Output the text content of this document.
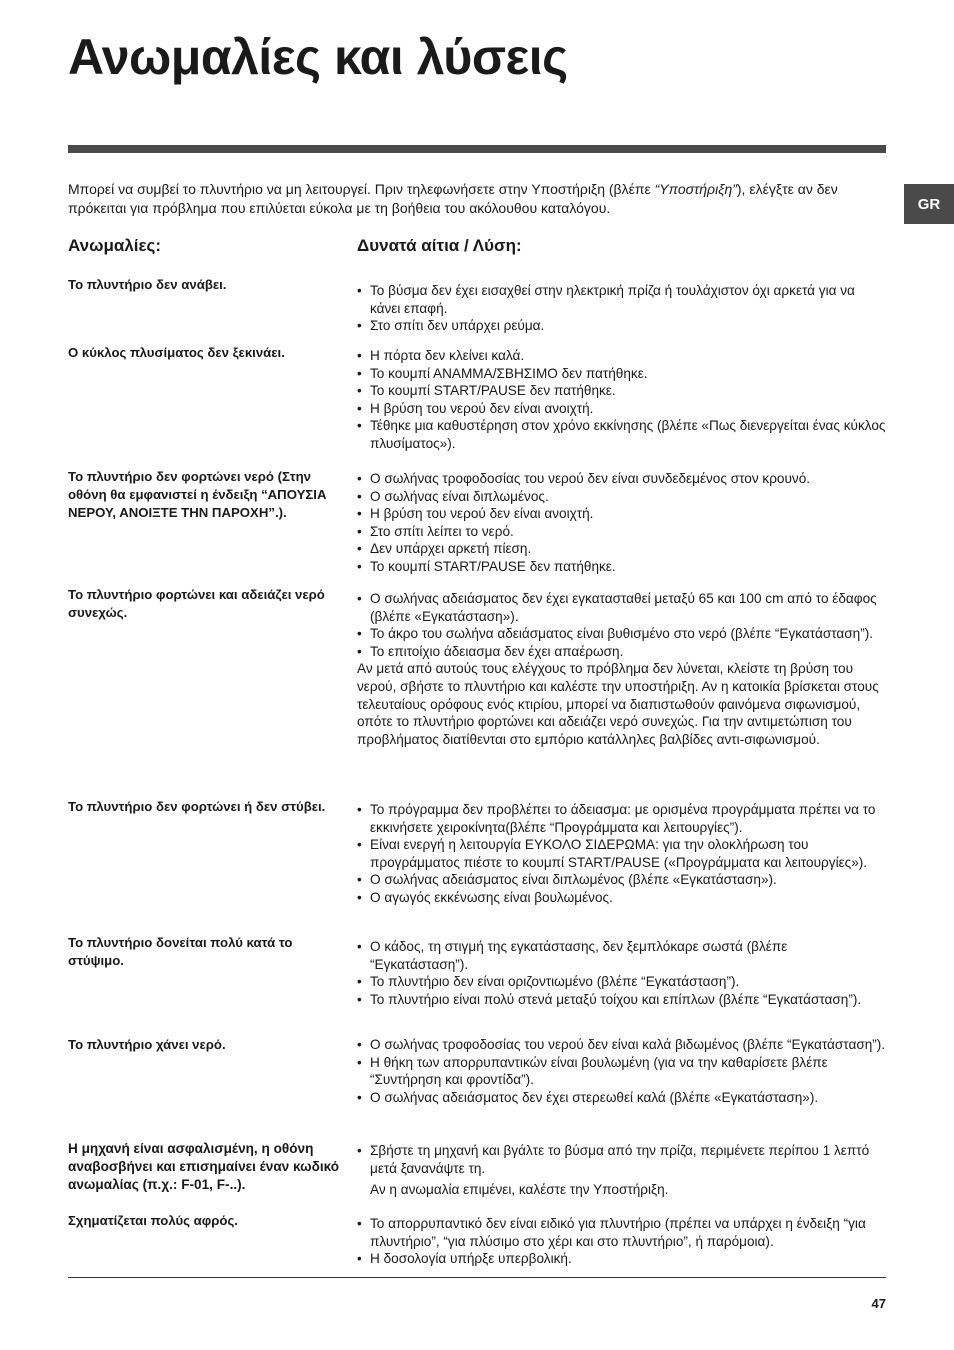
Ανωμαλίες και λύσεις
GR

Μπορεί να συμβεί το πλυντήριο να μη λειτουργεί. Πριν τηλεφωνήσετε στην Υποστήριξη (βλέπε “Υποστήριξη”), ελέγξτε αν δεν πρόκειται για πρόβλημα που επιλύεται εύκολα με τη βοήθεια του ακόλουθου καταλόγου.

Ανωμαλίες:	Δυνατά αίτια / Λύση:
Το πλυντήριο δεν ανάβει.	• Το βύσμα δεν έχει εισαχθεί στην ηλεκτρική πρίζα ή τουλάχιστον όχι αρκετά για να κάνει επαφή.
• Στο σπίτι δεν υπάρχει ρεύμα.
Ο κύκλος πλυσίματος δεν ξεκινάει.	• Η πόρτα δεν κλείνει καλά.
• Το κουμπί ΑΝΑΜΜΑ/ΣΒΗΣΙΜΟ δεν πατήθηκε.
• Το κουμπί START/PAUSE δεν πατήθηκε.
• Η βρύση του νερού δεν είναι ανοιχτή.
• Τέθηκε μια καθυστέρηση στον χρόνο εκκίνησης (βλέπε «Πως διενεργείται ένας κύκλος πλυσίματος»).
Το πλυντήριο δεν φορτώνει νερό (Στην οθόνη θα εμφανιστεί η ένδειξη “ΑΠΟΥΣΙΑ ΝΕΡΟΥ, ΑΝΟΙΞΤΕ ΤΗΝ ΠΑΡΟΧΗ”.).
• Ο σωλήνας τροφοδοσίας του νερού δεν είναι συνδεδεμένος στον κρουνό.
• Ο σωλήνας είναι διπλωμένος.
• Η βρύση του νερού δεν είναι ανοιχτή.
• Στο σπίτι λείπει το νερό.
• Δεν υπάρχει αρκετή πίεση.
• Το κουμπί START/PAUSE δεν πατήθηκε.
Το πλυντήριο φορτώνει και αδειάζει νερό συνεχώς.
• Ο σωλήνας αδειάσματος δεν έχει εγκατασταθεί μεταξύ 65 και 100 cm από το έδαφος (βλέπε «Εγκατάσταση»).
• Το άκρο του σωλήνα αδειάσματος είναι βυθισμένο στο νερό (βλέπε “Εγκατάσταση”).
• Το επιτοίχιο άδειασμα δεν έχει απαέρωση.

Αν μετά από αυτούς τους ελέγχους το πρόβλημα δεν λύνεται, κλείστε τη βρύση του νερού, σβήστε το πλυντήριο και καλέστε την υποστήριξη. Αν η κατοικία βρίσκεται στους τελευταίους ορόφους ενός κτιρίου, μπορεί να διαπιστωθούν φαινόμενα σιφωνισμού, οπότε το πλυντήριο φορτώνει και αδειάζει νερό συνεχώς. Για την αντιμετώπιση του προβλήματος διατίθενται στο εμπόριο κατάλληλες βαλβίδες αντι-σιφωνισμού.

Το πλυντήριο δεν φορτώνει ή δεν στύβει.	• Το πρόγραμμα δεν προβλέπει το άδειασμα: με ορισμένα προγράμματα πρέπει να το εκκινήσετε χειροκίνητα(βλέπε “Προγράμματα και λειτουργίες”).
• Είναι ενεργή η λειτουργία ΕΥΚΟΛΟ ΣΙΔΕΡΩΜΑ: για την ολοκλήρωση του προγράμματος πιέστε το κουμπί START/PAUSE («Προγράμματα και λειτουργίες»).
• Ο σωλήνας αδειάσματος είναι διπλωμένος (βλέπε «Εγκατάσταση»).
• Ο αγωγός εκκένωσης είναι βουλωμένος.
Το πλυντήριο δονείται πολύ κατά το στύψιμο.
• Ο κάδος, τη στιγμή της εγκατάστασης, δεν ξεμπλόκαρε σωστά (βλέπε “Εγκατάσταση”).
• Το πλυντήριο δεν είναι οριζοντιωμένο (βλέπε “Εγκατάσταση”).
• Το πλυντήριο είναι πολύ στενά μεταξύ τοίχου και επίπλων (βλέπε “Εγκατάσταση”).
Το πλυντήριο χάνει νερό.	• Ο σωλήνας τροφοδοσίας του νερού δεν είναι καλά βιδωμένος (βλέπε “Εγκατάσταση”).
• Η θήκη των απορρυπαντικών είναι βουλωμένη (για να την καθαρίσετε βλέπε “Συντήρηση και φροντίδα”).
• Ο σωλήνας αδειάσματος δεν έχει στερεωθεί καλά (βλέπε «Εγκατάσταση»).
Η μηχανή είναι ασφαλισμένη, η οθόνη αναβοσβήνει και επισημαίνει έναν κωδικό ανωμαλίας (π.χ.: F-01, F-..).
• Σβήστε τη μηχανή και βγάλτε το βύσμα από την πρίζα, περιμένετε περίπου 1 λεπτό μετά ξανανάψτε τη.

Αν η ανωμαλία επιμένει, καλέστε την Υποστήριξη.

Σχηματίζεται πολύς αφρός.	• Το απορρυπαντικό δεν είναι ειδικό για πλυντήριο (πρέπει να υπάρχει η ένδειξη “για πλυντήριο”, “για πλύσιμο στο χέρι και στο πλυντήριο”, ή παρόμοια).
• Η δοσολογία υπήρξε υπερβολική.
47
